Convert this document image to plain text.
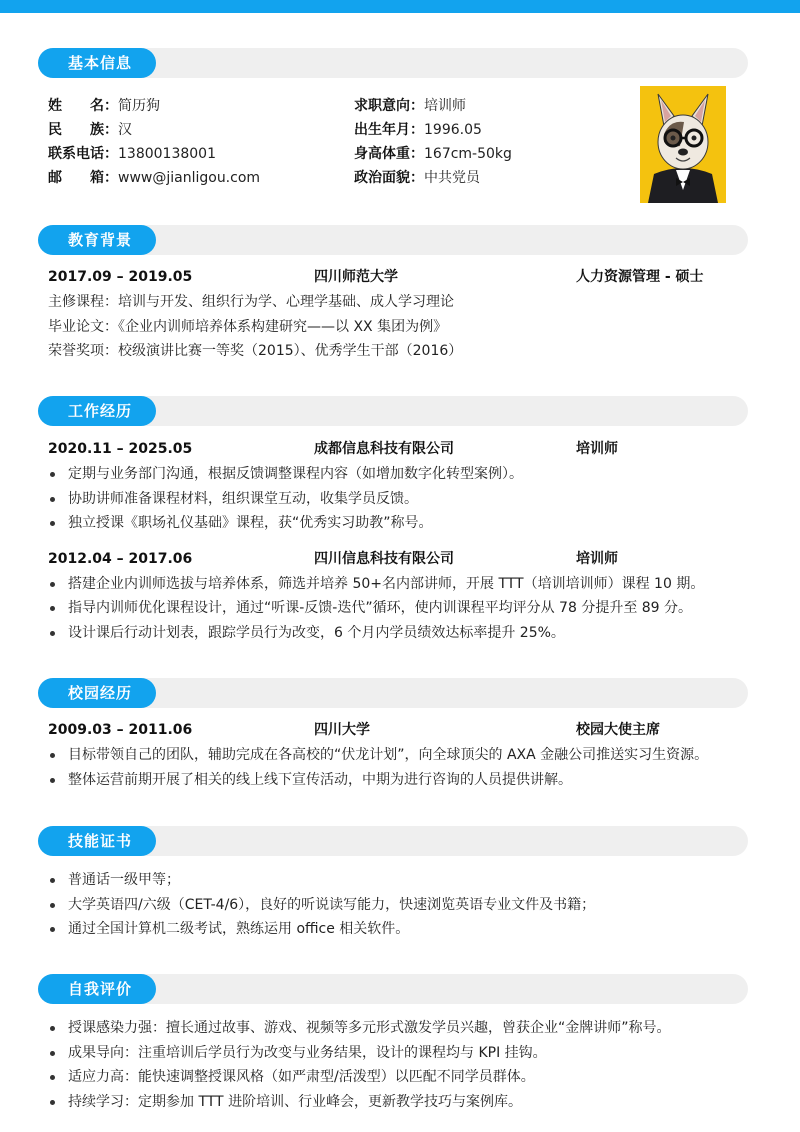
基本信息
姓　　名：简历狗	求职意向：培训师
民　　族：汉	出生年月：1996.05
联系电话：13800138001	身高体重：167cm-50kg
邮　　箱：www@jianligou.com	政治面貌：中共党员
教育背景
2017.09 – 2019.05	四川师范大学	人力资源管理 - 硕士
主修课程：培训与开发、组织行为学、心理学基础、成人学习理论
毕业论文：《企业内训师培养体系构建研究——以 XX 集团为例》
荣誉奖项：校级演讲比赛一等奖（2015）、优秀学生干部（2016）
工作经历
2020.11 – 2025.05	成都信息科技有限公司	培训师
定期与业务部门沟通，根据反馈调整课程内容（如增加数字化转型案例）。
协助讲师准备课程材料，组织课堂互动，收集学员反馈。
独立授课《职场礼仪基础》课程，获“优秀实习助教”称号。
2012.04 – 2017.06	四川信息科技有限公司	培训师
搭建企业内训师选拔与培养体系，筛选并培养 50+名内部讲师，开展 TTT（培训培训师）课程 10 期。
指导内训师优化课程设计，通过“听课-反馈-迭代”循环，使内训课程平均评分从 78 分提升至 89 分。
设计课后行动计划表，跟踪学员行为改变，6 个月内学员绩效达标率提升 25%。
校园经历
2009.03 – 2011.06	四川大学	校园大使主席
目标带领自己的团队，辅助完成在各高校的“伏龙计划”，向全球顶尖的 AXA 金融公司推送实习生资源。
整体运营前期开展了相关的线上线下宣传活动，中期为进行咨询的人员提供讲解。
技能证书
普通话一级甲等；
大学英语四/六级（CET-4/6），良好的听说读写能力，快速浏览英语专业文件及书籍；
通过全国计算机二级考试，熟练运用 office 相关软件。
自我评价
授课感染力强：擅长通过故事、游戏、视频等多元形式激发学员兴趣，曾获企业“金牌讲师”称号。
成果导向：注重培训后学员行为改变与业务结果，设计的课程均与 KPI 挂钩。
适应力高：能快速调整授课风格（如严肃型/活泼型）以匹配不同学员群体。
持续学习：定期参加 TTT 进阶培训、行业峰会，更新教学技巧与案例库。
